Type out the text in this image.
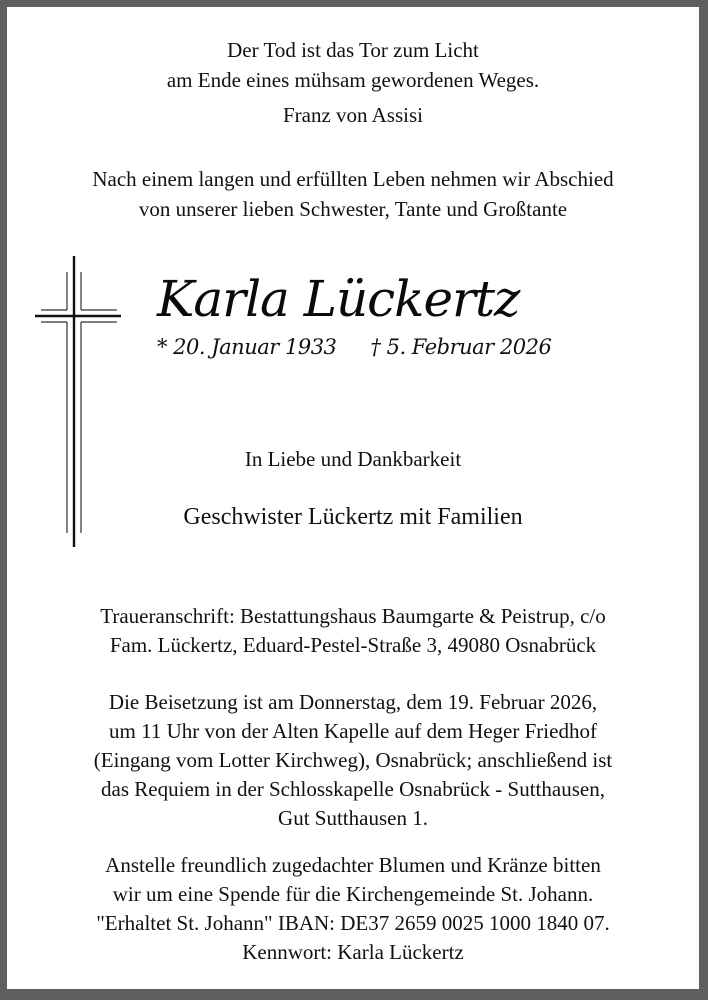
Der Tod ist das Tor zum Licht
am Ende eines mühsam gewordenen Weges.
Franz von Assisi
Nach einem langen und erfüllten Leben nehmen wir Abschied
von unserer lieben Schwester, Tante und Großtante
Karla Lückertz
* 20. Januar 1933 † 5. Februar 2026
In Liebe und Dankbarkeit
Geschwister Lückertz mit Familien
Traueranschrift: Bestattungshaus Baumgarte & Peistrup, c/o
Fam. Lückertz, Eduard-Pestel-Straße 3, 49080 Osnabrück
Die Beisetzung ist am Donnerstag, dem 19. Februar 2026,
um 11 Uhr von der Alten Kapelle auf dem Heger Friedhof
(Eingang vom Lotter Kirchweg), Osnabrück; anschließend ist
das Requiem in der Schlosskapelle Osnabrück - Sutthausen,
Gut Sutthausen 1.
Anstelle freundlich zugedachter Blumen und Kränze bitten
wir um eine Spende für die Kirchengemeinde St. Johann.
"Erhaltet St. Johann" IBAN: DE37 2659 0025 1000 1840 07.
Kennwort: Karla Lückertz
